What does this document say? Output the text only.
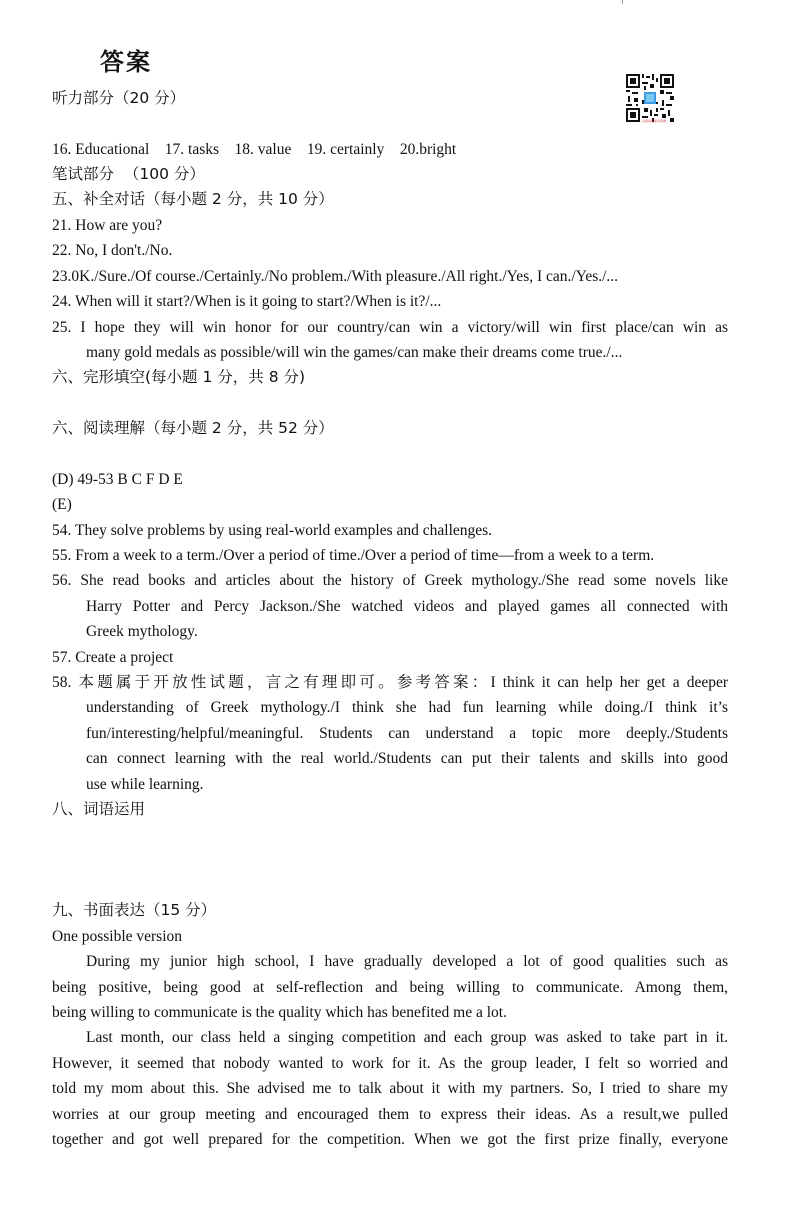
答案
扫码查看更多资源
听力部分（20 分）

16. Educational 17. tasks 18. value 19. certainly 20.bright
笔试部分 （100 分）
五、补全对话（每小题 2 分，共 10 分）
21. How are you?
22. No, I don't./No.
23.0K./Sure./Of course./Certainly./No problem./With pleasure./All right./Yes, I can./Yes./...
24. When will it start?/When is it going to start?/When is it?/...
25. I hope they will win honor for our country/can win a victory/will win first place/can win as
many gold medals as possible/will win the games/can make their dreams come true./...
六、完形填空(每小题 1 分，共 8 分)

六、阅读理解（每小题 2 分，共 52 分）
(D) 49-53 B C F D E
(E)
54. They solve problems by using real-world examples and challenges.
55. From a week to a term./Over a period of time./Over a period of time—from a week to a term.
56. She read books and articles about the history of Greek mythology./She read some novels like
Harry Potter and Percy Jackson./She watched videos and played games all connected with
Greek mythology.
57. Create a project
58. 本题属于开放性试题，言之有理即可。参考答案：I think it can help her get a deeper
understanding of Greek mythology./I think she had fun learning while doing./I think it’s
fun/interesting/helpful/meaningful. Students can understand a topic more deeply./Students
can connect learning with the real world./Students can put their talents and skills into good
use while learning.
八、词语运用
九、书面表达（15 分）
One possible version
During my junior high school, I have gradually developed a lot of good qualities such as
being positive, being good at self-reflection and being willing to communicate. Among them,
being willing to communicate is the quality which has benefited me a lot.
Last month, our class held a singing competition and each group was asked to take part in it.
However, it seemed that nobody wanted to work for it. As the group leader, I felt so worried and
told my mom about this. She advised me to talk about it with my partners. So, I tried to share my
worries at our group meeting and encouraged them to express their ideas. As a result,we pulled
together and got well prepared for the competition. When we got the first prize finally, everyone
